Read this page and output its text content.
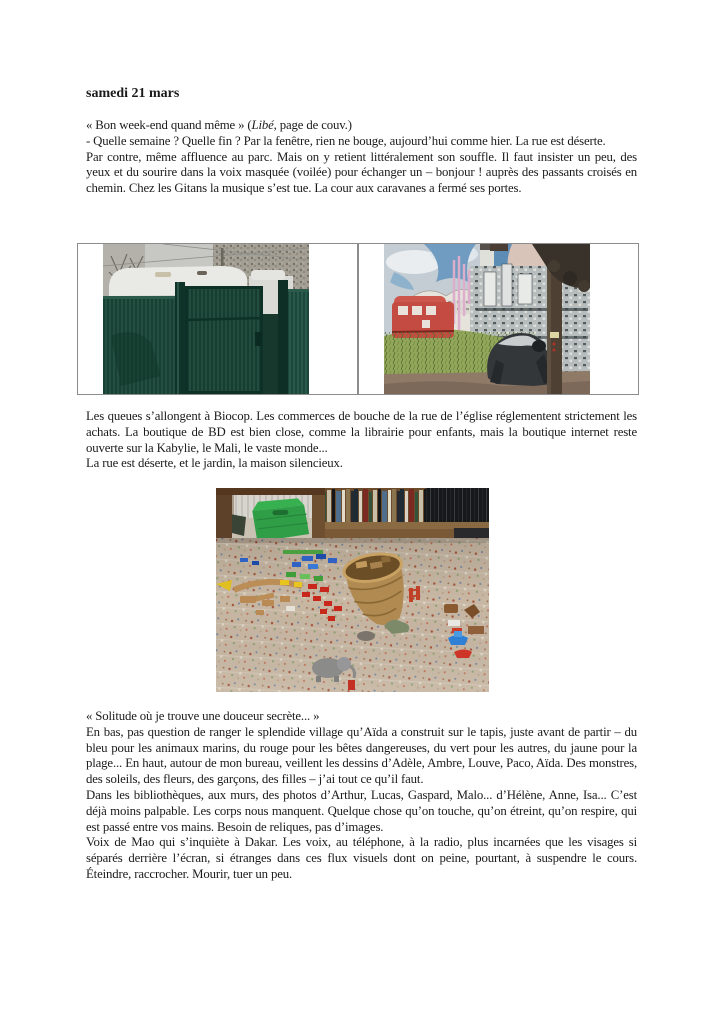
samedi 21 mars

« Bon week-end quand même » (Libé, page de couv.)

- Quelle semaine ? Quelle fin ? Par la fenêtre, rien ne bouge, aujourd’hui comme hier. La rue est déserte.

Par contre, même affluence au parc. Mais on y retient littéralement son souffle. Il faut insister un peu, des yeux et du sourire dans la voix masquée (voilée) pour échanger un – bonjour ! auprès des passants croisés en chemin. Chez les Gitans la musique s’est tue. La cour aux caravanes a fermé ses portes.

Les queues s’allongent à Biocop. Les commerces de bouche de la rue de l’église réglementent strictement les achats. La boutique de BD est bien close, comme la librairie pour enfants, mais la boutique internet reste ouverte sur la Kabylie, le Mali, le vaste monde...

La rue est déserte, et le jardin, la maison silencieux.

« Solitude où je trouve une douceur secrète... »

En bas, pas question de ranger le splendide village qu’Aïda a construit sur le tapis, juste avant de partir – du bleu pour les animaux marins, du rouge pour les bêtes dangereuses, du vert pour les autres, du jaune pour la plage... En haut, autour de mon bureau, veillent les dessins d’Adèle, Ambre, Louve, Paco, Aïda. Des monstres, des soleils, des fleurs, des garçons, des filles – j’ai tout ce qu’il faut.

Dans les bibliothèques, aux murs, des photos d’Arthur, Lucas, Gaspard, Malo... d’Hélène, Anne, Isa... C’est déjà moins palpable. Les corps nous manquent. Quelque chose qu’on touche, qu’on étreint, qu’on respire, qui est passé entre vos mains. Besoin de reliques, pas d’images.

Voix de Mao qui s’inquiète à Dakar. Les voix, au téléphone, à la radio, plus incarnées que les visages si séparés derrière l’écran, si étranges dans ces flux visuels dont on peine, pourtant, à suspendre le cours. Éteindre, raccrocher. Mourir, tuer un peu.
